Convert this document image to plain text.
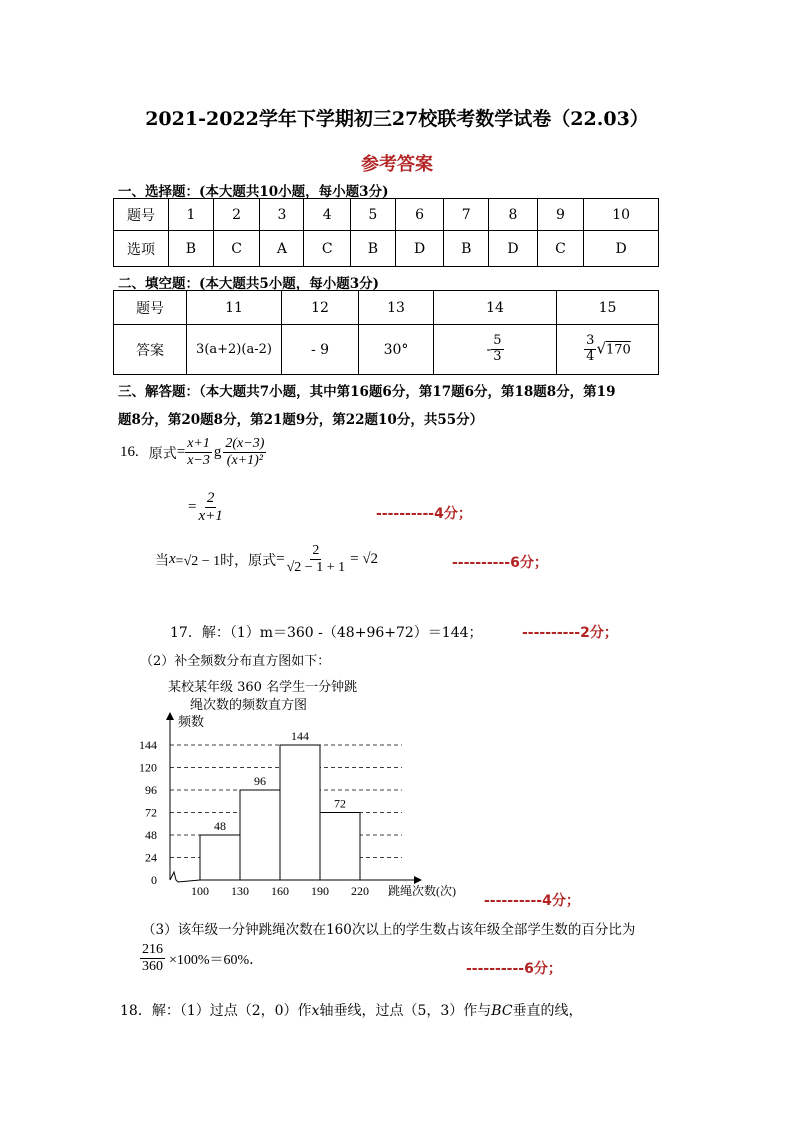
2021-2022学年下学期初三27校联考数学试卷（22.03）
参考答案
一、选择题：(本大题共10小题，每小题3分)
题号	1	2	3	4	5	6	7	8	9	10
选项	B	C	A	C	B	D	B	D	C	D
二、填空题：(本大题共5小题，每小题3分)
题号	11	12	13	14	15
答案	3(a+2)(a-2)	- 9	30°	- $\frac{5}{3}$	$\frac{3}{4} √170$
三、解答题：（本大题共7小题，其中第16题6分，第17题6分，第18题8分，第19
题8分，第20题8分，第21题9分，第22题10分，共55分）
16. 原式 = $\frac{x+1}{x-3}$ g $\frac{2(x-3)}{\text{(x+1)²}}$
= $\frac{2}{x+1}$	----------4分；
当 x =√2 − 1时， 原式 = $\frac{2}{√2 - 1 + 1} = √2$	----------6分；
17．解：（1）m＝360 -（48+96+72）＝144；	----------2分；
（2）补全频数分布直方图如下：
某校某年级 360 名学生一分钟跳
绳次数的频数直方图
24
48
72
96
120
144
0
48
96
144
72
100 130 160 190 220
频数
跳绳次数(次)
----------4分；
（3）该年级一分钟跳绳次数在160次以上的学生数占该年级全部学生数的百分比为
$\frac{216}{360} \times 100\%=60\%$．
----------6分；
18．解：（1）过点（2，0）作x轴垂线，过点（5，3）作与BC垂直的线，
